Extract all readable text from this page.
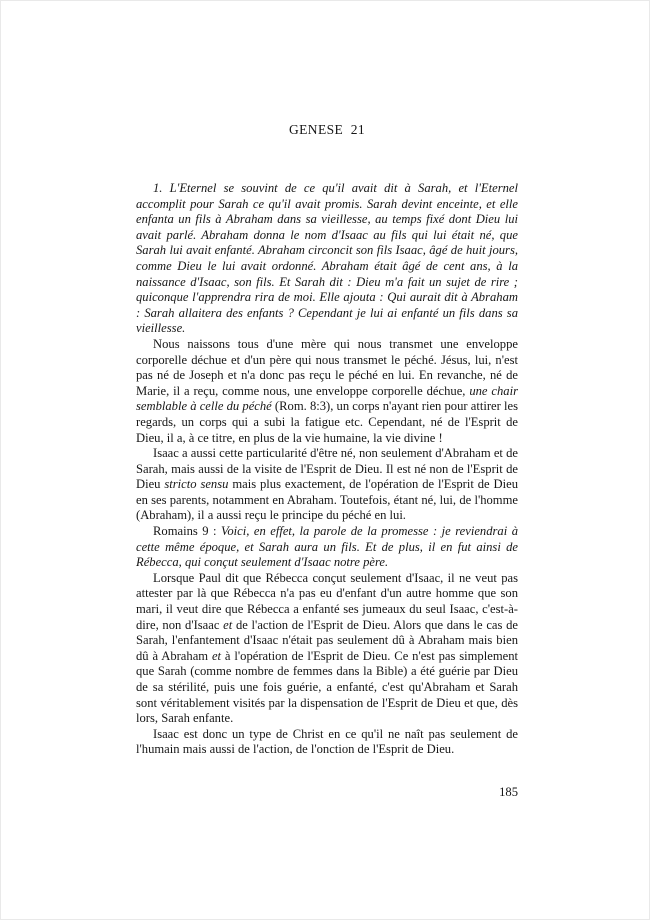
GENESE  21

1. L'Eternel se souvint de ce qu'il avait dit à Sarah, et l'Eternel accomplit pour Sarah ce qu'il avait promis. Sarah devint enceinte, et elle enfanta un fils à Abraham dans sa vieillesse, au temps fixé dont Dieu lui avait parlé. Abraham donna le nom d'Isaac au fils qui lui était né, que Sarah lui avait enfanté. Abraham circoncit son fils Isaac, âgé de huit jours, comme Dieu le lui avait ordonné. Abraham était âgé de cent ans, à la naissance d'Isaac, son fils. Et Sarah dit : Dieu m'a fait un sujet de rire ; quiconque l'apprendra rira de moi. Elle ajouta : Qui aurait dit à Abraham : Sarah allaitera des enfants ? Cependant je lui ai enfanté un fils dans sa vieillesse.

Nous naissons tous d'une mère qui nous transmet une enveloppe corporelle déchue et d'un père qui nous transmet le péché. Jésus, lui, n'est pas né de Joseph et n'a donc pas reçu le péché en lui. En revanche, né de Marie, il a reçu, comme nous, une enveloppe corporelle déchue, une chair semblable à celle du péché (Rom. 8:3), un corps n'ayant rien pour attirer les regards, un corps qui a subi la fatigue etc. Cependant, né de l'Esprit de Dieu, il a, à ce titre, en plus de la vie humaine, la vie divine !

Isaac a aussi cette particularité d'être né, non seulement d'Abraham et de Sarah, mais aussi de la visite de l'Esprit de Dieu. Il est né non de l'Esprit de Dieu stricto sensu mais plus exactement, de l'opération de l'Esprit de Dieu en ses parents, notamment en Abraham. Toutefois, étant né, lui, de l'homme (Abraham), il a aussi reçu le principe du péché en lui.

Romains 9 : Voici, en effet, la parole de la promesse : je reviendrai à cette même époque, et Sarah aura un fils. Et de plus, il en fut ainsi de Rébecca, qui conçut seulement d'Isaac notre père.

Lorsque Paul dit que Rébecca conçut seulement d'Isaac, il ne veut pas attester par là que Rébecca n'a pas eu d'enfant d'un autre homme que son mari, il veut dire que Rébecca a enfanté ses jumeaux du seul Isaac, c'est-à-dire, non d'Isaac et de l'action de l'Esprit de Dieu. Alors que dans le cas de Sarah, l'enfantement d'Isaac n'était pas seulement dû à Abraham mais bien dû à Abraham et à l'opération de l'Esprit de Dieu. Ce n'est pas simplement que Sarah (comme nombre de femmes dans la Bible) a été guérie par Dieu de sa stérilité, puis une fois guérie, a enfanté, c'est qu'Abraham et Sarah sont véritablement visités par la dispensation de l'Esprit de Dieu et que, dès lors, Sarah enfante.

Isaac est donc un type de Christ en ce qu'il ne naît pas seulement de l'humain mais aussi de l'action, de l'onction de l'Esprit de Dieu.

185
